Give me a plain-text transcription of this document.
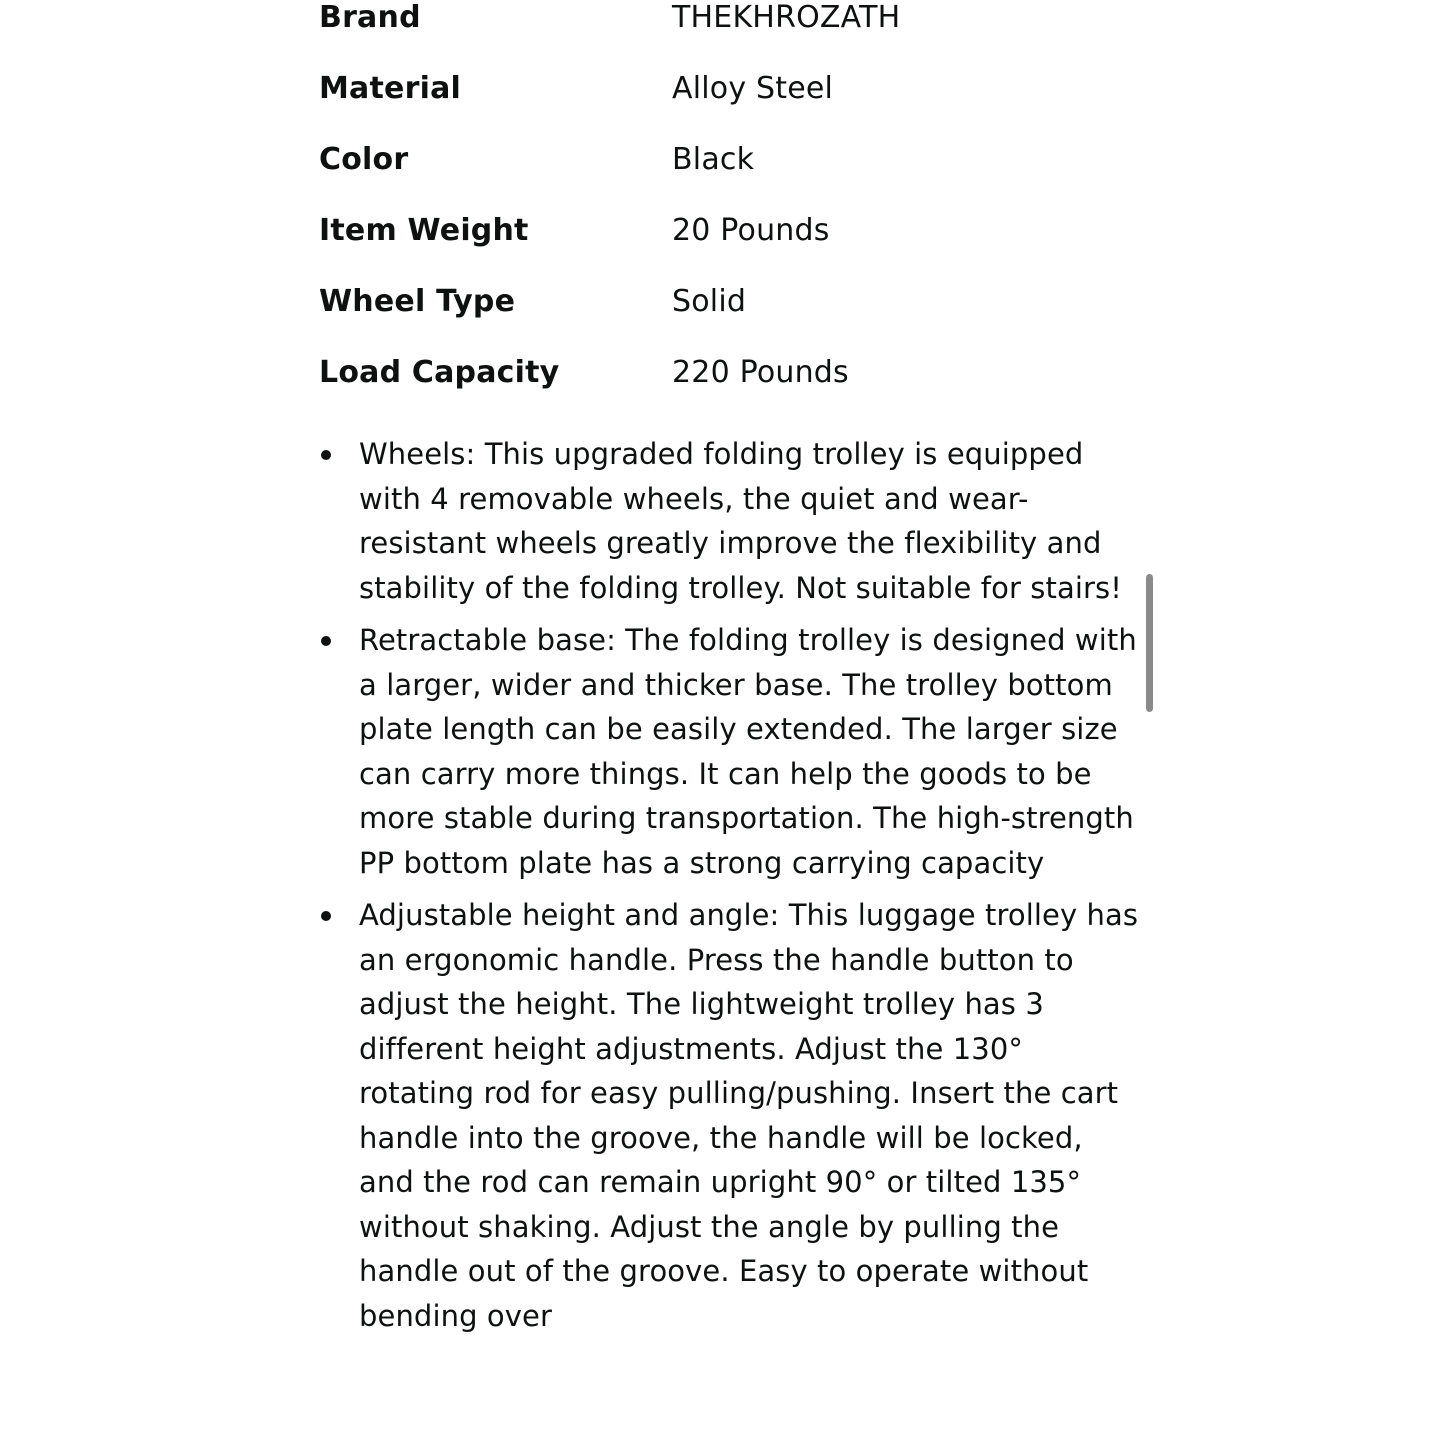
Brand	THEKHROZATH
Material	Alloy Steel
Color	Black
Item Weight	20 Pounds
Wheel Type	Solid
Load Capacity	220 Pounds
Wheels: This upgraded folding trolley is equipped with 4 removable wheels, the quiet and wear-resistant wheels greatly improve the flexibility and stability of the folding trolley. Not suitable for stairs!
Retractable base: The folding trolley is designed with a larger, wider and thicker base. The trolley bottom plate length can be easily extended. The larger size can carry more things. It can help the goods to be more stable during transportation. The high-strength PP bottom plate has a strong carrying capacity
Adjustable height and angle: This luggage trolley has an ergonomic handle. Press the handle button to adjust the height. The lightweight trolley has 3 different height adjustments. Adjust the 130° rotating rod for easy pulling/pushing. Insert the cart handle into the groove, the handle will be locked, and the rod can remain upright 90° or tilted 135° without shaking. Adjust the angle by pulling the handle out of the groove. Easy to operate without bending over
